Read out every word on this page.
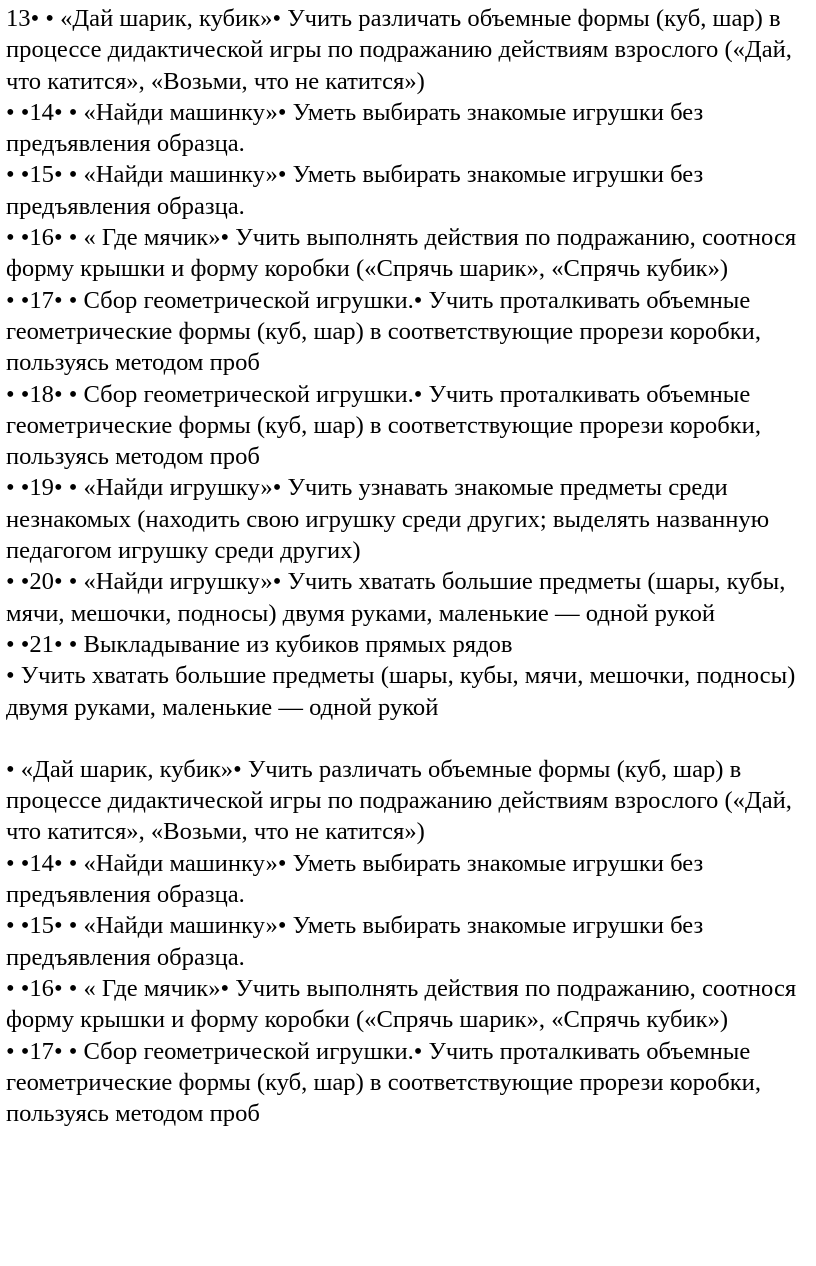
13• • «Дай шарик, кубик»• Учить различать объемные формы (куб, шар) в процессе дидактической игры по подражанию действиям взрослого («Дай, что катится», «Возьми, что не катится»)

• •14• • «Найди машинку»• Уметь выбирать знакомые игрушки без предъявления образца.

• •15• • «Найди машинку»• Уметь выбирать знакомые игрушки без предъявления образца.

• •16• • « Где мячик»• Учить выполнять действия по подражанию, соотнося форму крышки и форму коробки («Спрячь шарик», «Спрячь кубик»)

• •17• • Сбор геометрической игрушки.• Учить проталкивать объемные геометрические формы (куб, шар) в соответствующие прорези коробки, пользуясь методом проб

• •18• • Сбор геометрической игрушки.• Учить проталкивать объемные геометрические формы (куб, шар) в соответствующие прорези коробки, пользуясь методом проб

• •19• • «Найди игрушку»• Учить узнавать знакомые предметы среди незнакомых (находить свою игрушку среди других; выделять названную педагогом игрушку среди других)

• •20• • «Найди игрушку»• Учить хватать большие предметы (шары, кубы, мячи, мешочки, подносы) двумя руками, маленькие — одной рукой

• •21• • Выкладывание из кубиков прямых рядов

• Учить хватать большие предметы (шары, кубы, мячи, мешочки, подносы) двумя руками, маленькие — одной рукой

• «Дай шарик, кубик»• Учить различать объемные формы (куб, шар) в процессе дидактической игры по подражанию действиям взрослого («Дай, что катится», «Возьми, что не катится»)

• •14• • «Найди машинку»• Уметь выбирать знакомые игрушки без предъявления образца.

• •15• • «Найди машинку»• Уметь выбирать знакомые игрушки без предъявления образца.

• •16• • « Где мячик»• Учить выполнять действия по подражанию, соотнося форму крышки и форму коробки («Спрячь шарик», «Спрячь кубик»)

• •17• • Сбор геометрической игрушки.• Учить проталкивать объемные геометрические формы (куб, шар) в соответствующие прорези коробки, пользуясь методом проб
